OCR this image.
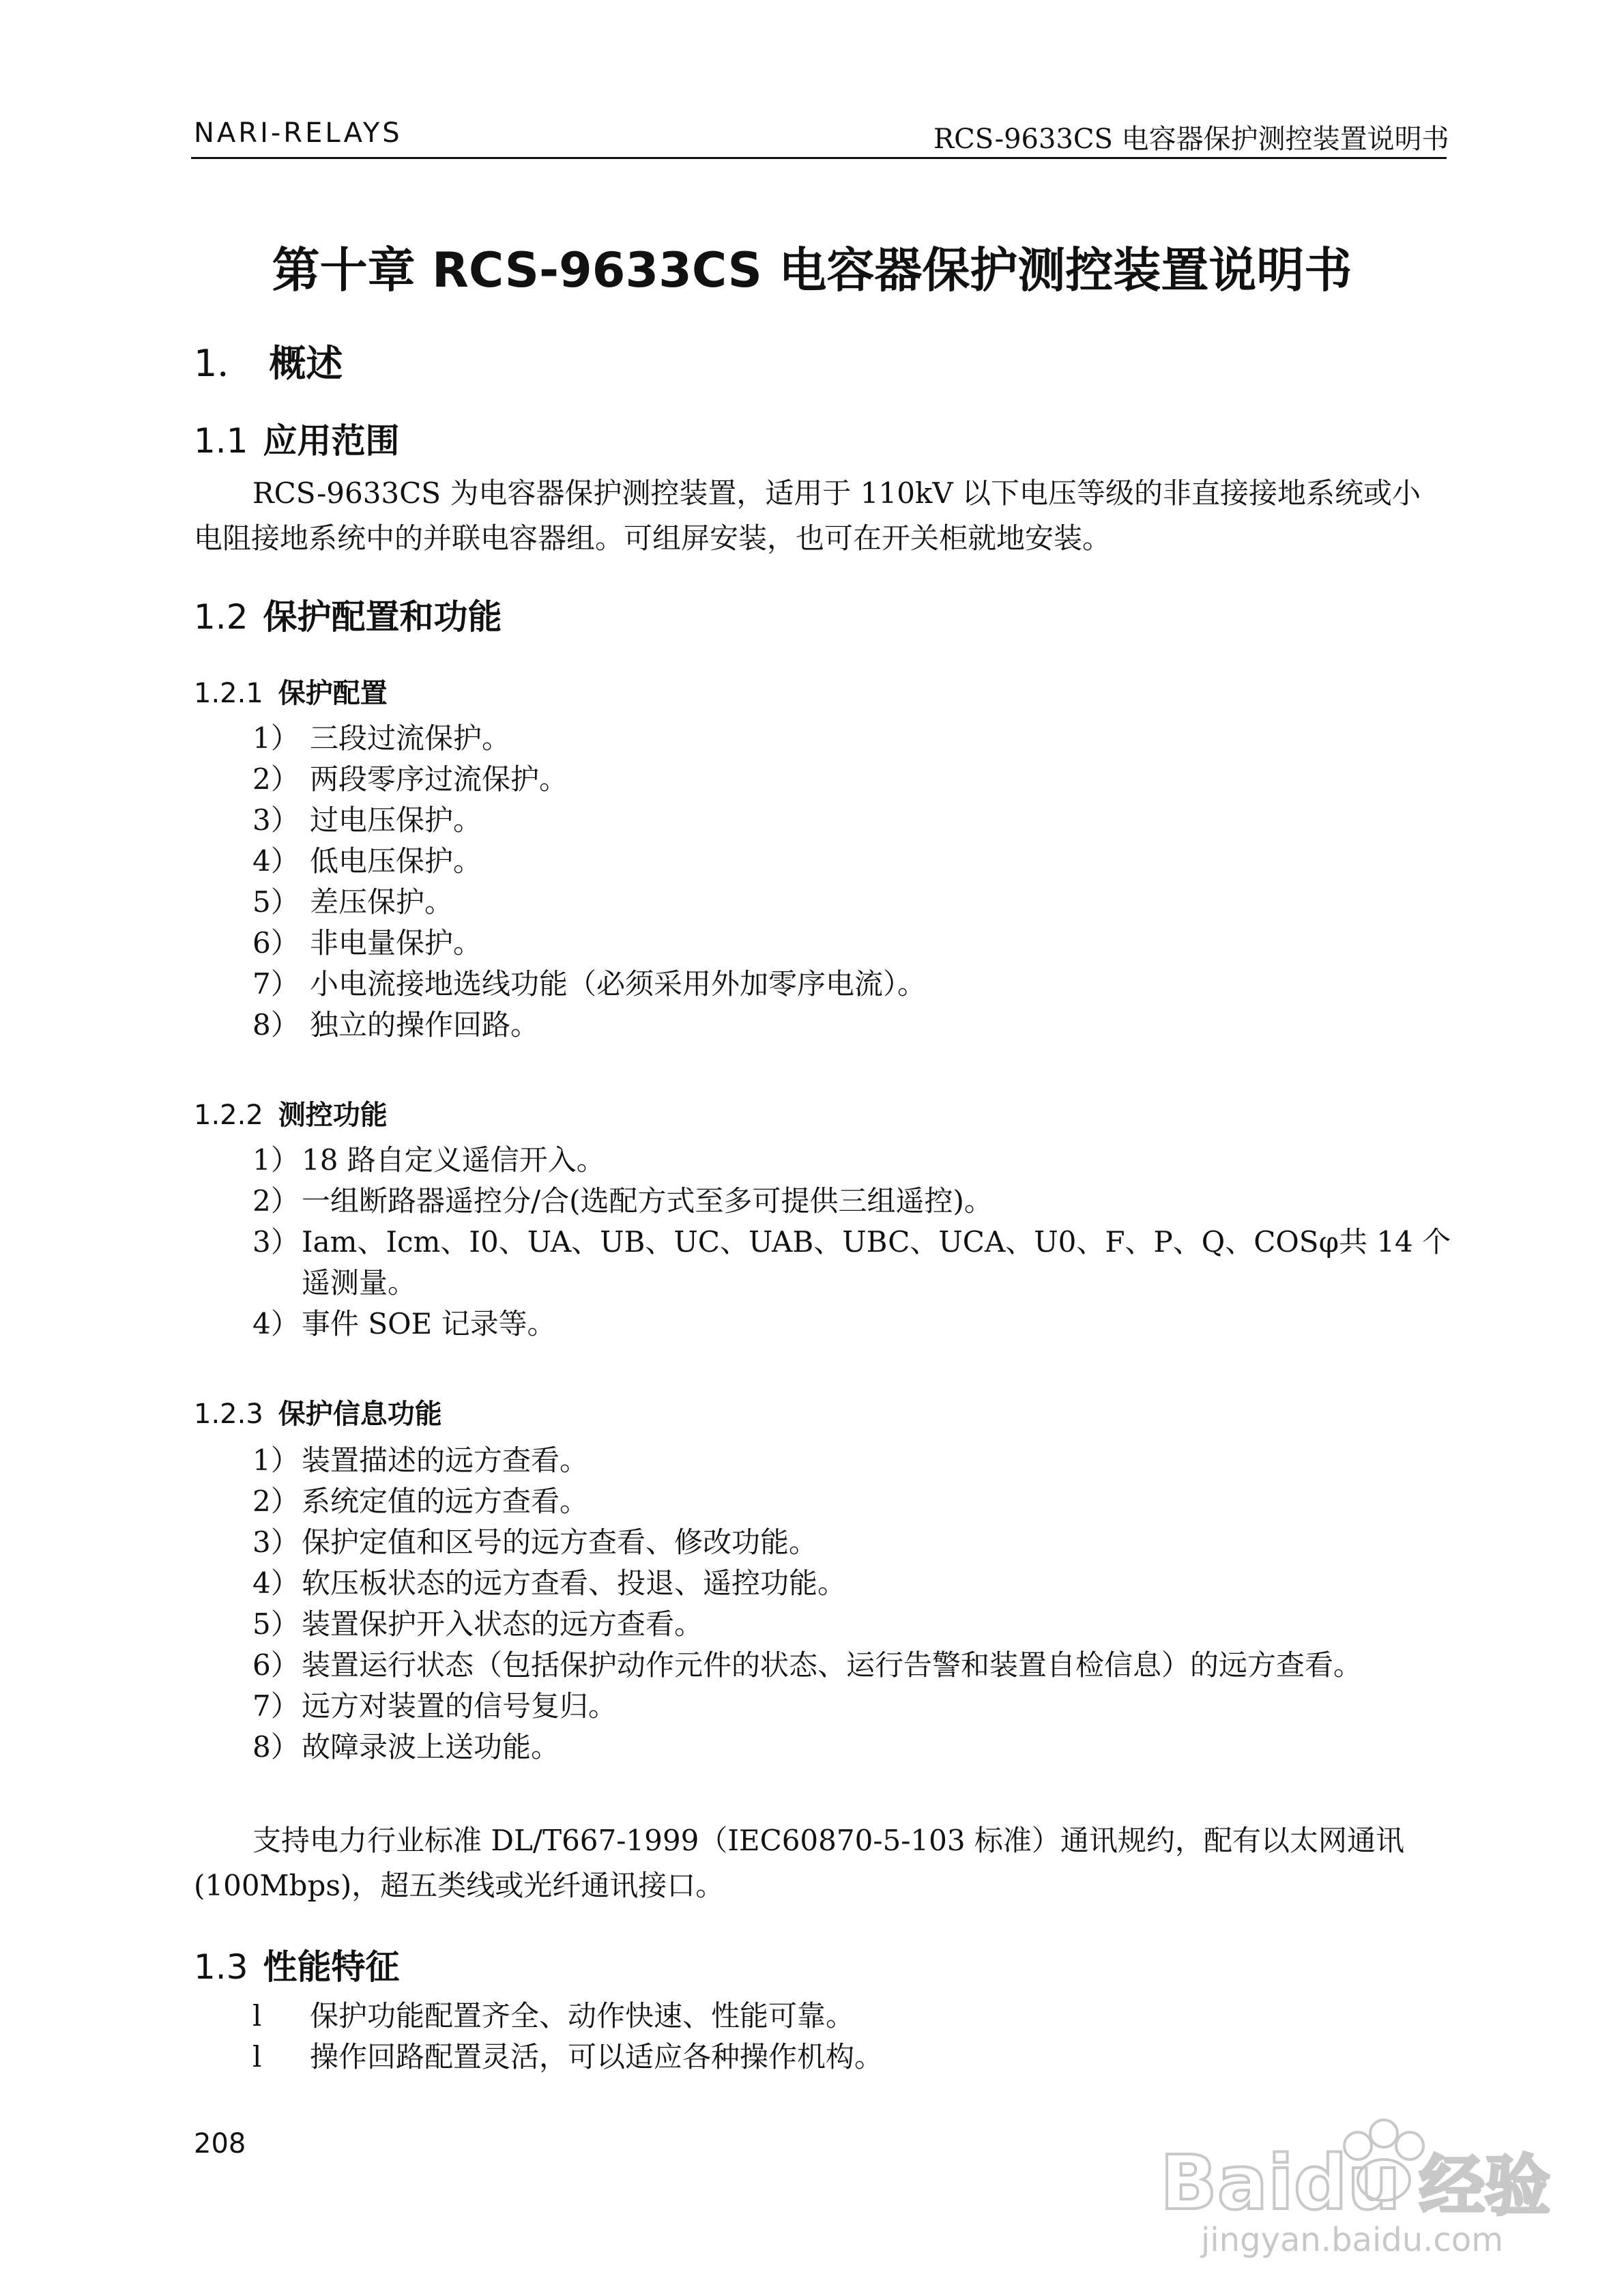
NARI-RELAYS	RCS-9633CS 电容器保护测控装置说明书
第十章 RCS-9633CS 电容器保护测控装置说明书
1． 概述
1.1 应用范围
RCS-9633CS 为电容器保护测控装置，适用于 110kV 以下电压等级的非直接接地系统或小电阻接地系统中的并联电容器组。可组屏安装，也可在开关柜就地安装。
1.2 保护配置和功能
1.2.1 保护配置
1） 三段过流保护。
2） 两段零序过流保护。
3） 过电压保护。
4） 低电压保护。
5） 差压保护。
6） 非电量保护。
7） 小电流接地选线功能（必须采用外加零序电流）。
8） 独立的操作回路。
1.2.2 测控功能
1） 18 路自定义遥信开入。
2） 一组断路器遥控分/合(选配方式至多可提供三组遥控)。
3） Iam、Icm、I0、UA、UB、UC、UAB、UBC、UCA、U0、F、P、Q、COSφ共 14 个遥测量。
4） 事件 SOE 记录等。
1.2.3 保护信息功能
1） 装置描述的远方查看。
2） 系统定值的远方查看。
3） 保护定值和区号的远方查看、修改功能。
4） 软压板状态的远方查看、投退、遥控功能。
5） 装置保护开入状态的远方查看。
6） 装置运行状态（包括保护动作元件的状态、运行告警和装置自检信息）的远方查看。
7） 远方对装置的信号复归。
8） 故障录波上送功能。
支持电力行业标准 DL/T667-1999（IEC60870-5-103 标准）通讯规约，配有以太网通讯(100Mbps)，超五类线或光纤通讯接口。
1.3 性能特征
l	保护功能配置齐全、动作快速、性能可靠。
l	操作回路配置灵活，可以适应各种操作机构。
208	Baidu 经验
jingyan.baidu.com
